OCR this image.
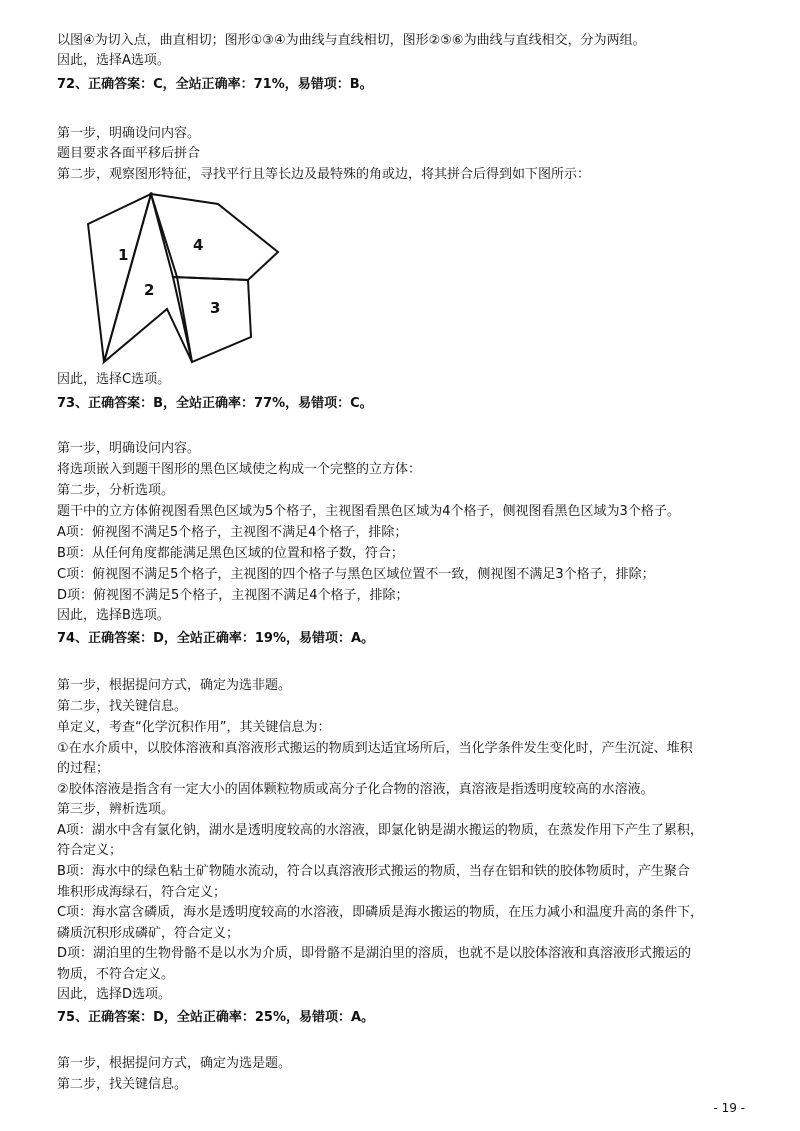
以图④为切入点，曲直相切；图形①③④为曲线与直线相切，图形②⑤⑥为曲线与直线相交，分为两组。
因此，选择A选项。
72、正确答案：C，全站正确率：71%，易错项：B。
第一步，明确设问内容。
题目要求各面平移后拼合
第二步，观察图形特征，寻找平行且等长边及最特殊的角或边，将其拼合后得到如下图所示：
1
2
3
4
因此，选择C选项。
73、正确答案：B，全站正确率：77%，易错项：C。
第一步，明确设问内容。
将选项嵌入到题干图形的黑色区域使之构成一个完整的立方体：
第二步，分析选项。
题干中的立方体俯视图看黑色区域为5个格子，主视图看黑色区域为4个格子，侧视图看黑色区域为3个格子。
A项：俯视图不满足5个格子，主视图不满足4个格子，排除；
B项：从任何角度都能满足黑色区域的位置和格子数，符合；
C项：俯视图不满足5个格子，主视图的四个格子与黑色区域位置不一致，侧视图不满足3个格子，排除；
D项：俯视图不满足5个格子，主视图不满足4个格子，排除；
因此，选择B选项。
74、正确答案：D，全站正确率：19%，易错项：A。
第一步，根据提问方式，确定为选非题。
第二步，找关键信息。
单定义，考查“化学沉积作用”，其关键信息为：
①在水介质中，以胶体溶液和真溶液形式搬运的物质到达适宜场所后，当化学条件发生变化时，产生沉淀、堆积
的过程；
②胶体溶液是指含有一定大小的固体颗粒物质或高分子化合物的溶液，真溶液是指透明度较高的水溶液。
第三步，辨析选项。
A项：湖水中含有氯化钠，湖水是透明度较高的水溶液，即氯化钠是湖水搬运的物质，在蒸发作用下产生了累积，
符合定义；
B项：海水中的绿色粘土矿物随水流动，符合以真溶液形式搬运的物质，当存在铝和铁的胶体物质时，产生聚合
堆积形成海绿石，符合定义；
C项：海水富含磷质，海水是透明度较高的水溶液，即磷质是海水搬运的物质，在压力减小和温度升高的条件下，
磷质沉积形成磷矿，符合定义；
D项：湖泊里的生物骨骼不是以水为介质，即骨骼不是湖泊里的溶质，也就不是以胶体溶液和真溶液形式搬运的
物质，不符合定义。
因此，选择D选项。
75、正确答案：D，全站正确率：25%，易错项：A。
第一步，根据提问方式，确定为选是题。
第二步，找关键信息。
- 19 -
